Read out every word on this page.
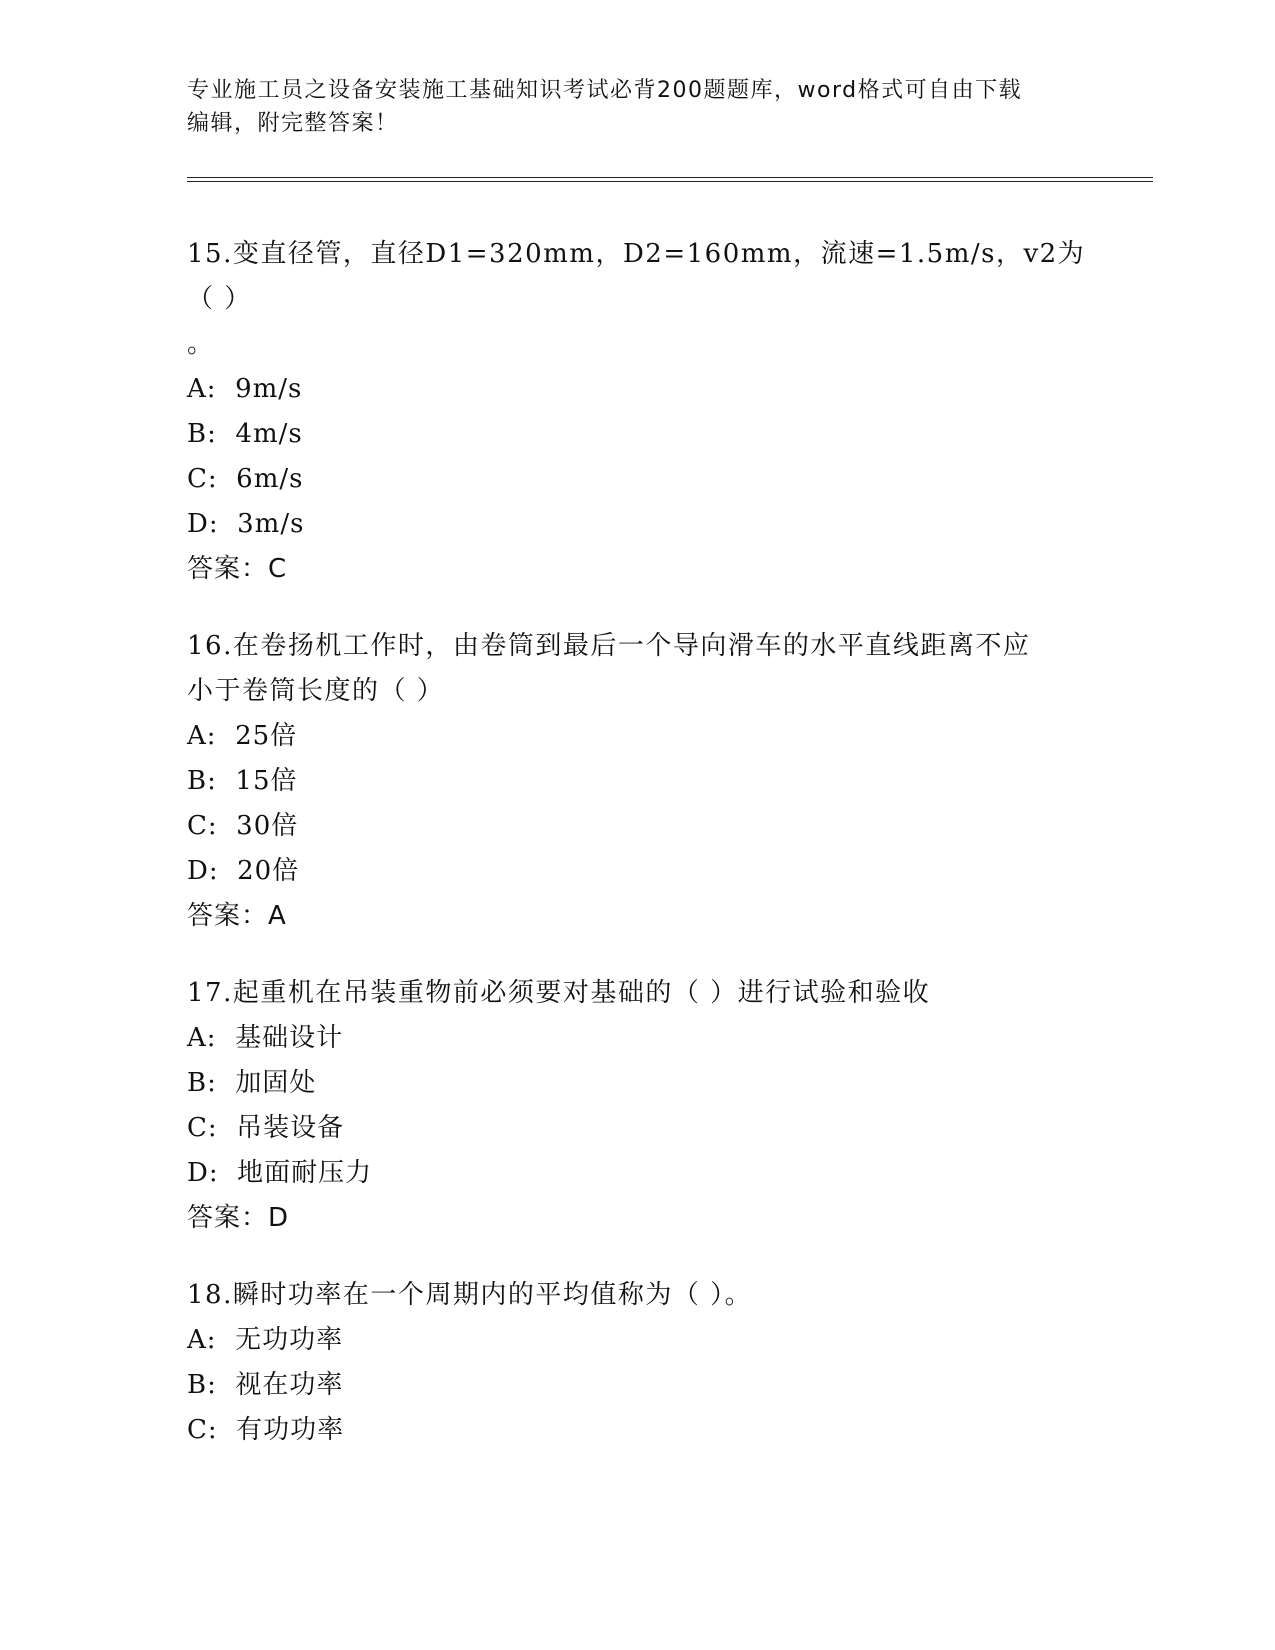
专业施工员之设备安装施工基础知识考试必背200题题库，word格式可自由下载
编辑，附完整答案！
15.变直径管，直径D1=320mm，D2=160mm，流速=1.5m/s，v2为（ ）
。
A:  9m/s
B:  4m/s
C:  6m/s
D:  3m/s
答案：C
16.在卷扬机工作时，由卷筒到最后一个导向滑车的水平直线距离不应
小于卷筒长度的（ ）
A:  25倍
B:  15倍
C:  30倍
D:  20倍
答案：A
17.起重机在吊装重物前必须要对基础的（ ）进行试验和验收
A:  基础设计
B:  加固处
C:  吊装设备
D:  地面耐压力
答案：D
18.瞬时功率在一个周期内的平均值称为（ ）。
A:  无功功率
B:  视在功率
C:  有功功率
